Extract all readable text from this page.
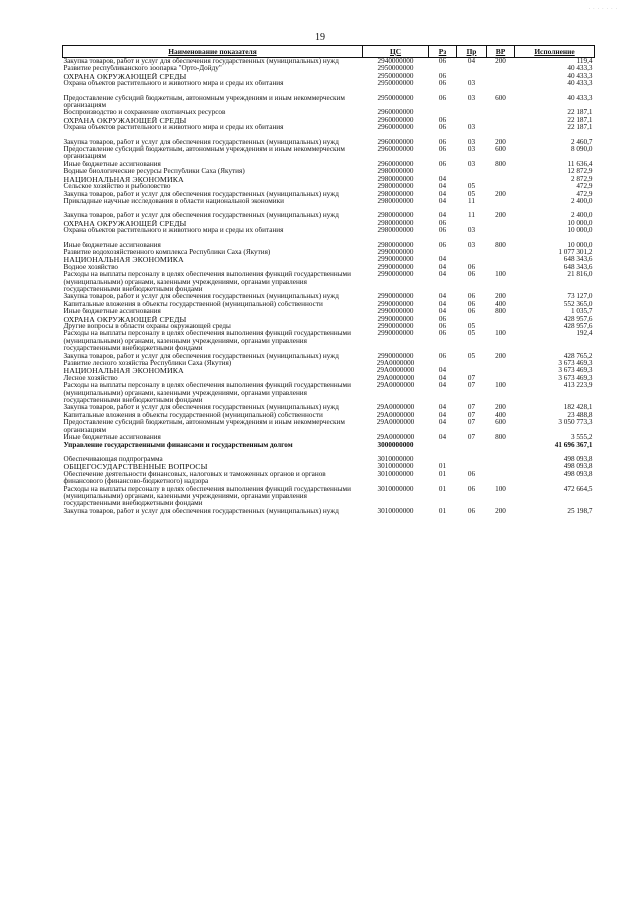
. . . . . . .
19
Наименование показателя	ЦС	Рз	Пр	ВР	Исполнение
Закупка товаров, работ и услуг для обеспечения государственных (муниципальных) нужд	2940000000	06	04	200	119,4
Развитие республиканского зоопарка "Орто-Дойду"	2950000000				40 433,3
ОХРАНА ОКРУЖАЮЩЕЙ СРЕДЫ	2950000000	06			40 433,3
Охрана объектов растительного и животного мира и среды их обитания	2950000000	06	03		40 433,3

Предоставление субсидий бюджетным, автономным учреждениям и иным некоммерческим организациям	2950000000	06	03	600	40 433,3
Воспроизводство и сохранение охотничьих ресурсов	2960000000				22 187,1
ОХРАНА ОКРУЖАЮЩЕЙ СРЕДЫ	2960000000	06			22 187,1
Охрана объектов растительного и животного мира и среды их обитания	2960000000	06	03		22 187,1

Закупка товаров, работ и услуг для обеспечения государственных (муниципальных) нужд	2960000000	06	03	200	2 460,7
Предоставление субсидий бюджетным, автономным учреждениям и иным некоммерческим организациям	2960000000	06	03	600	8 090,0
Иные бюджетные ассигнования	2960000000	06	03	800	11 636,4
Водные биологические ресурсы Республики Саха (Якутия)	2980000000				12 872,9
НАЦИОНАЛЬНАЯ ЭКОНОМИКА	2980000000	04			2 872,9
Сельское хозяйство и рыболовство	2980000000	04	05		472,9
Закупка товаров, работ и услуг для обеспечения государственных (муниципальных) нужд	2980000000	04	05	200	472,9
Прикладные научные исследования в области национальной экономики	2980000000	04	11		2 400,0

Закупка товаров, работ и услуг для обеспечения государственных (муниципальных) нужд	2980000000	04	11	200	2 400,0
ОХРАНА ОКРУЖАЮЩЕЙ СРЕДЫ	2980000000	06			10 000,0
Охрана объектов растительного и животного мира и среды их обитания	2980000000	06	03		10 000,0

Иные бюджетные ассигнования	2980000000	06	03	800	10 000,0
Развитие водохозяйственного комплекса Республики Саха (Якутия)	2990000000				1 077 301,2
НАЦИОНАЛЬНАЯ ЭКОНОМИКА	2990000000	04			648 343,6
Водное хозяйство	2990000000	04	06		648 343,6
Расходы на выплаты персоналу в целях обеспечения выполнения функций государственными (муниципальными) органами, казенными учреждениями, органами управления государственными внебюджетными фондами	2990000000	04	06	100	21 816,0
Закупка товаров, работ и услуг для обеспечения государственных (муниципальных) нужд	2990000000	04	06	200	73 127,0
Капитальные вложения в объекты государственной (муниципальной) собственности	2990000000	04	06	400	552 365,0
Иные бюджетные ассигнования	2990000000	04	06	800	1 035,7
ОХРАНА ОКРУЖАЮЩЕЙ СРЕДЫ	2990000000	06			428 957,6
Другие вопросы в области охраны окружающей среды	2990000000	06	05		428 957,6
Расходы на выплаты персоналу в целях обеспечения выполнения функций государственными (муниципальными) органами, казенными учреждениями, органами управления государственными внебюджетными фондами	2990000000	06	05	100	192,4
Закупка товаров, работ и услуг для обеспечения государственных (муниципальных) нужд	2990000000	06	05	200	428 765,2
Развитие лесного хозяйства Республики Саха (Якутия)	29А0000000				3 673 469,3
НАЦИОНАЛЬНАЯ ЭКОНОМИКА	29А0000000	04			3 673 469,3
Лесное хозяйство	29А0000000	04	07		3 673 469,3
Расходы на выплаты персоналу в целях обеспечения выполнения функций государственными (муниципальными) органами, казенными учреждениями, органами управления государственными внебюджетными фондами	29А0000000	04	07	100	413 223,9
Закупка товаров, работ и услуг для обеспечения государственных (муниципальных) нужд	29А0000000	04	07	200	182 428,1
Капитальные вложения в объекты государственной (муниципальной) собственности	29А0000000	04	07	400	23 488,8
Предоставление субсидий бюджетным, автономным учреждениям и иным некоммерческим организациям	29А0000000	04	07	600	3 050 773,3
Иные бюджетные ассигнования	29А0000000	04	07	800	3 555,2
Управление государственными финансами и государственным долгом	3000000000				41 696 367,1

Обеспечивающая подпрограмма	3010000000				498 093,8
ОБЩЕГОСУДАРСТВЕННЫЕ ВОПРОСЫ	3010000000	01			498 093,8
Обеспечение деятельности финансовых, налоговых и таможенных органов и органов финансового (финансово-бюджетного) надзора	3010000000	01	06		498 093,8
Расходы на выплаты персоналу в целях обеспечения выполнения функций государственными (муниципальными) органами, казенными учреждениями, органами управления государственными внебюджетными фондами	3010000000	01	06	100	472 664,5
Закупка товаров, работ и услуг для обеспечения государственных (муниципальных) нужд	3010000000	01	06	200	25 198,7
